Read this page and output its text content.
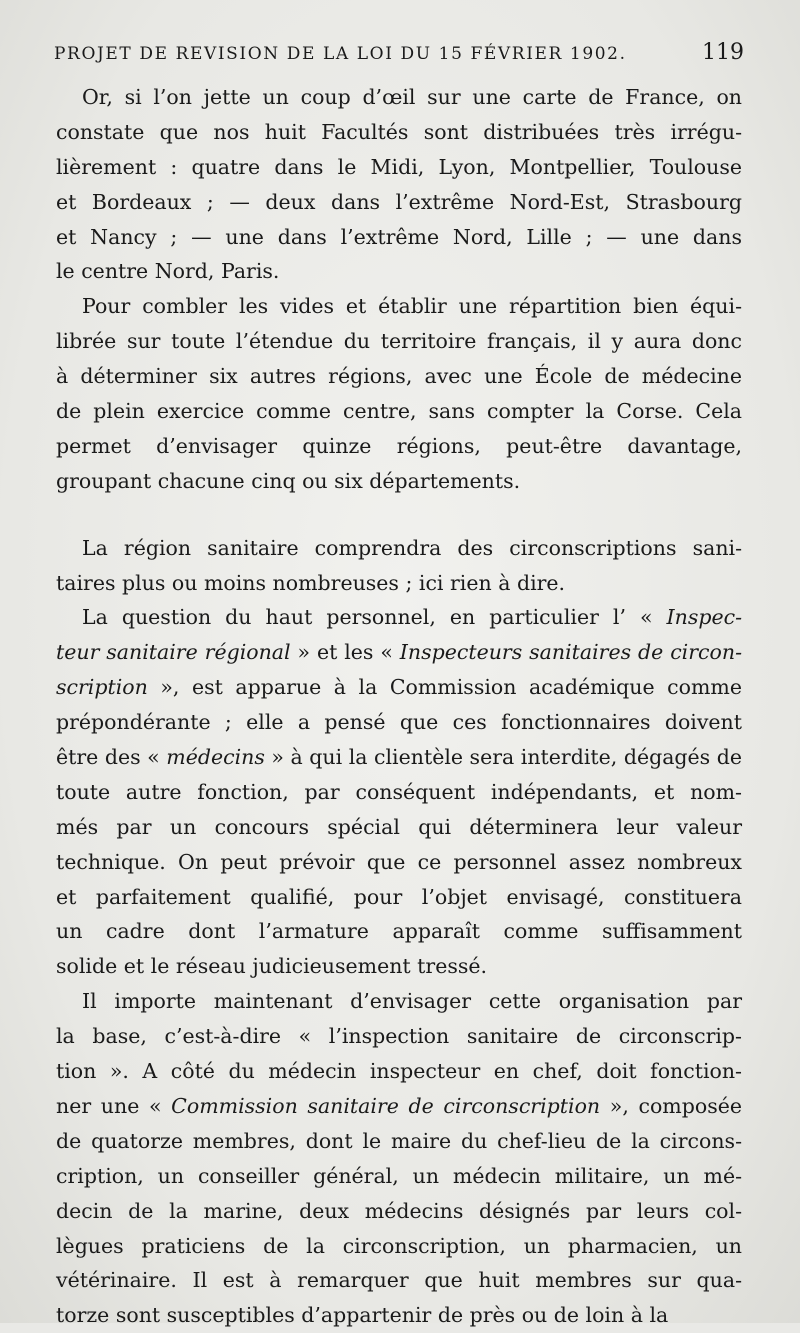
PROJET DE REVISION DE LA LOI DU 15 FÉVRIER 1902.	119
Or, si l’on jette un coup d’œil sur une carte de France, on
constate que nos huit Facultés sont distribuées très irrégu-
lièrement : quatre dans le Midi, Lyon, Montpellier, Toulouse
et Bordeaux ; — deux dans l’extrême Nord-Est, Strasbourg
et Nancy ; — une dans l’extrême Nord, Lille ; — une dans
le centre Nord, Paris.
Pour combler les vides et établir une répartition bien équi-
librée sur toute l’étendue du territoire français, il y aura donc
à déterminer six autres régions, avec une École de médecine
de plein exercice comme centre, sans compter la Corse. Cela
permet d’envisager quinze régions, peut-être davantage,
groupant chacune cinq ou six départements.
La région sanitaire comprendra des circonscriptions sani-
taires plus ou moins nombreuses ; ici rien à dire.
La question du haut personnel, en particulier l’ « Inspec-
teur sanitaire régional » et les « Inspecteurs sanitaires de circon-
scription », est apparue à la Commission académique comme
prépondérante ; elle a pensé que ces fonctionnaires doivent
être des « médecins » à qui la clientèle sera interdite, dégagés de
toute autre fonction, par conséquent indépendants, et nom-
més par un concours spécial qui déterminera leur valeur
technique. On peut prévoir que ce personnel assez nombreux
et parfaitement qualifié, pour l’objet envisagé, constituera
un cadre dont l’armature apparaît comme suffisamment
solide et le réseau judicieusement tressé.
Il importe maintenant d’envisager cette organisation par
la base, c’est-à-dire « l’inspection sanitaire de circonscrip-
tion ». A côté du médecin inspecteur en chef, doit fonction-
ner une « Commission sanitaire de circonscription », composée
de quatorze membres, dont le maire du chef-lieu de la circons-
cription, un conseiller général, un médecin militaire, un mé-
decin de la marine, deux médecins désignés par leurs col-
lègues praticiens de la circonscription, un pharmacien, un
vétérinaire. Il est à remarquer que huit membres sur qua-
torze sont susceptibles d’appartenir de près ou de loin à la
